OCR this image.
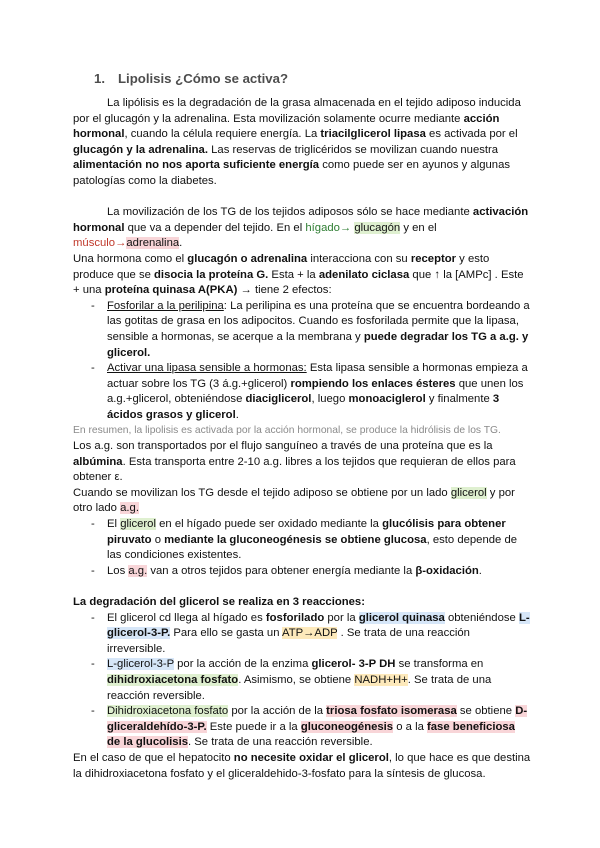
1. Lipolisis ¿Cómo se activa?

La lipólisis es la degradación de la grasa almacenada en el tejido adiposo inducida por el glucagón y la adrenalina. Esta movilización solamente ocurre mediante acción hormonal, cuando la célula requiere energía. La triacilglicerol lipasa es activada por el glucagón y la adrenalina. Las reservas de triglicéridos se movilizan cuando nuestra alimentación no nos aporta suficiente energía como puede ser en ayunos y algunas patologías como la diabetes.

La movilización de los TG de los tejidos adiposos sólo se hace mediante activación hormonal que va a depender del tejido. En el hígado→ glucagón y en el músculo→adrenalina.

Una hormona como el glucagón o adrenalina interacciona con su receptor y esto produce que se disocia la proteína G. Esta + la adenilato ciclasa que ↑ la [AMPc] . Este + una proteína quinasa A(PKA) → tiene 2 efectos:

- Fosforilar a la perilipina: La perilipina es una proteína que se encuentra bordeando a las gotitas de grasa en los adipocitos. Cuando es fosforilada permite que la lipasa, sensible a hormonas, se acerque a la membrana y puede degradar los TG a a.g. y glicerol.
- Activar una lipasa sensible a hormonas: Esta lipasa sensible a hormonas empieza a actuar sobre los TG (3 á.g.+glicerol) rompiendo los enlaces ésteres que unen los a.g.+glicerol, obteniéndose diaciglicerol, luego monoaciglerol y finalmente 3 ácidos grasos y glicerol.

En resumen, la lipolisis es activada por la acción hormonal, se produce la hidrólisis de los TG.

Los a.g. son transportados por el flujo sanguíneo a través de una proteína que es la albúmina. Esta transporta entre 2-10 a.g. libres a los tejidos que requieran de ellos para obtener ε.

Cuando se movilizan los TG desde el tejido adiposo se obtiene por un lado glicerol y por otro lado a.g.

- El glicerol en el hígado puede ser oxidado mediante la glucólisis para obtener piruvato o mediante la gluconeogénesis se obtiene glucosa, esto depende de las condiciones existentes.
- Los a.g. van a otros tejidos para obtener energía mediante la β-oxidación.

La degradación del glicerol se realiza en 3 reacciones:

- El glicerol cd llega al hígado es fosforilado por la glicerol quinasa obteniéndose L-glicerol-3-P. Para ello se gasta un ATP→ADP . Se trata de una reacción irreversible.
- L-glicerol-3-P por la acción de la enzima glicerol- 3-P DH se transforma en dihidroxiacetona fosfato. Asimismo, se obtiene NADH+H+. Se trata de una reacción reversible.
- Dihidroxiacetona fosfato por la acción de la triosa fosfato isomerasa se obtiene D-gliceraldehído-3-P. Este puede ir a la gluconeogénesis o a la fase beneficiosa de la glucolisis. Se trata de una reacción reversible.

En el caso de que el hepatocito no necesite oxidar el glicerol, lo que hace es que destina la dihidroxiacetona fosfato y el gliceraldehido-3-fosfato para la síntesis de glucosa.
